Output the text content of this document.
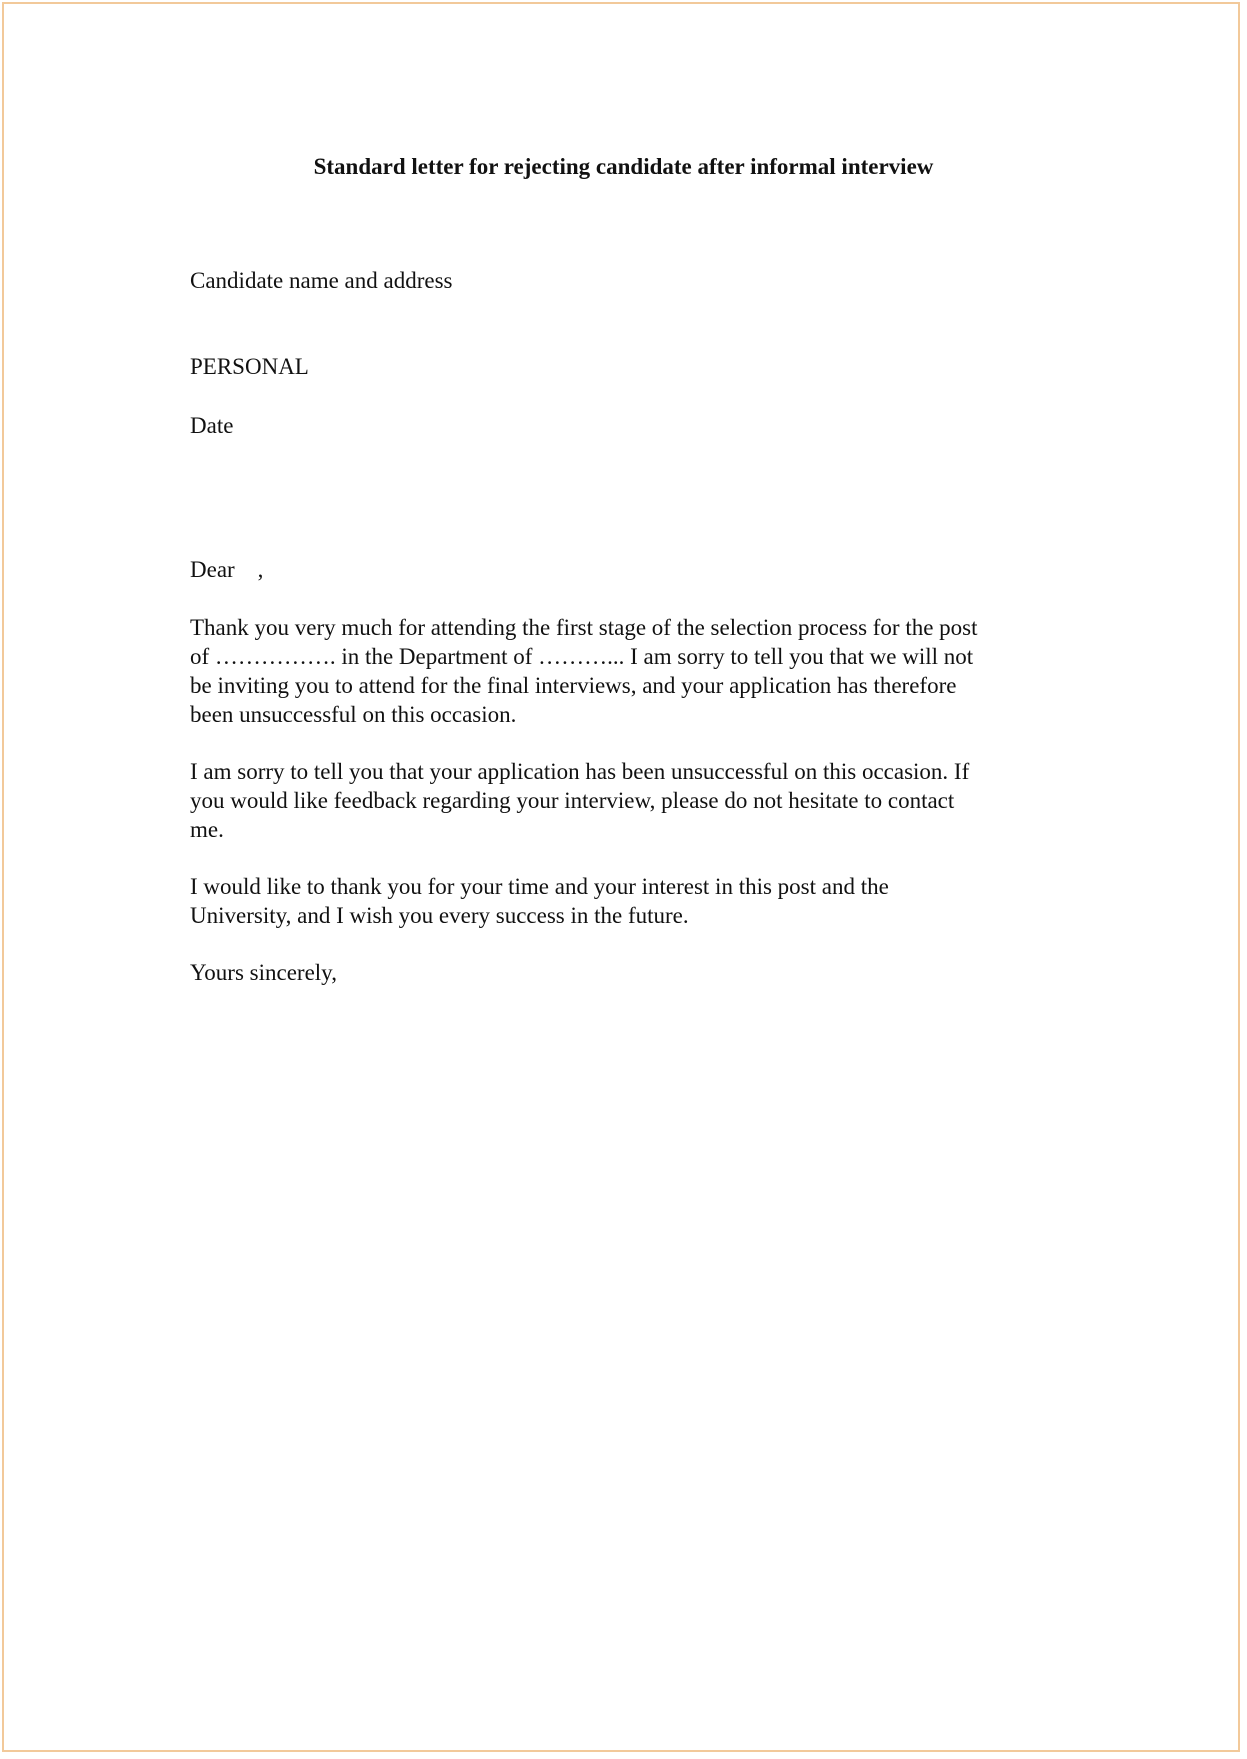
Standard letter for rejecting candidate after informal interview
Candidate name and address
PERSONAL
Date
Dear    ,
Thank you very much for attending the first stage of the selection process for the post
of ……………. in the Department of ………... I am sorry to tell you that we will not
be inviting you to attend for the final interviews, and your application has therefore
been unsuccessful on this occasion.
I am sorry to tell you that your application has been unsuccessful on this occasion. If
you would like feedback regarding your interview, please do not hesitate to contact
me.
I would like to thank you for your time and your interest in this post and the
University, and I wish you every success in the future.
Yours sincerely,
